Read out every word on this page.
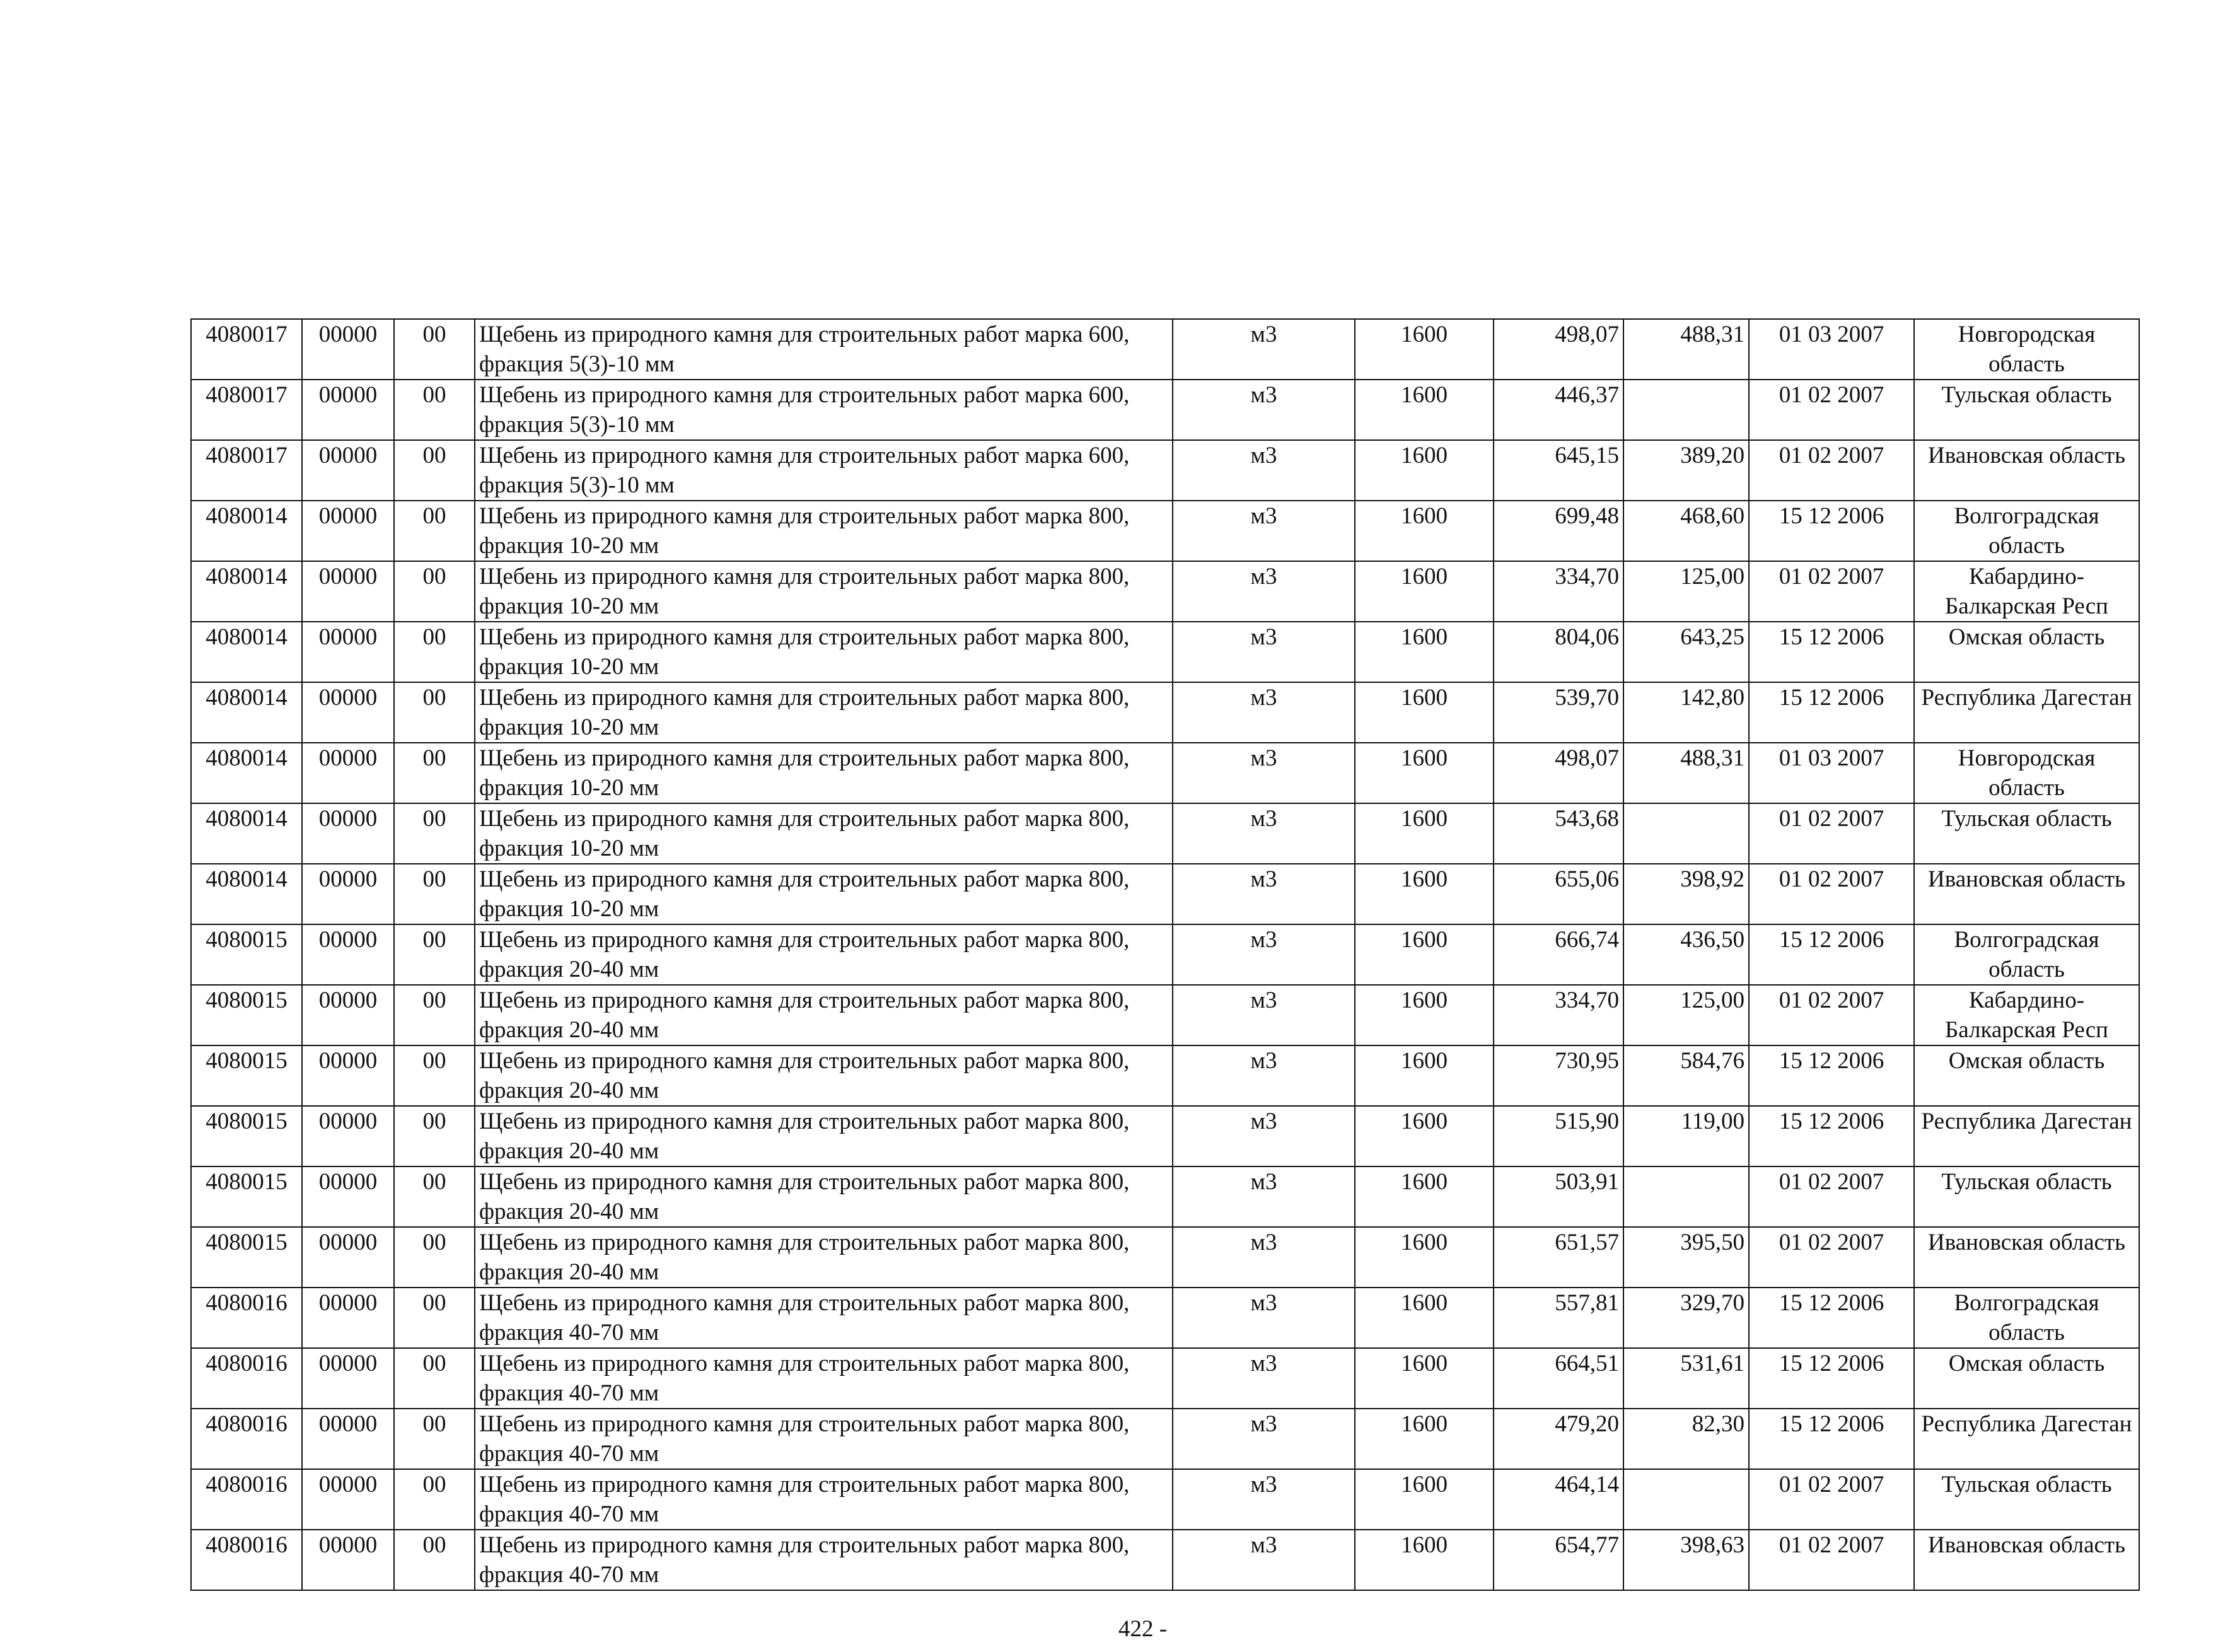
4080017	00000	00	Щебень из природного камня для строительных работ марка 600, фракция 5(3)-10 мм	м3	1600	498,07	488,31	01 03 2007	Новгородская область
4080017	00000	00	Щебень из природного камня для строительных работ марка 600, фракция 5(3)-10 мм	м3	1600	446,37		01 02 2007	Тульская область
4080017	00000	00	Щебень из природного камня для строительных работ марка 600, фракция 5(3)-10 мм	м3	1600	645,15	389,20	01 02 2007	Ивановская область
4080014	00000	00	Щебень из природного камня для строительных работ марка 800, фракция 10-20 мм	м3	1600	699,48	468,60	15 12 2006	Волгоградская область
4080014	00000	00	Щебень из природного камня для строительных работ марка 800, фракция 10-20 мм	м3	1600	334,70	125,00	01 02 2007	Кабардино-Балкарская Респ
4080014	00000	00	Щебень из природного камня для строительных работ марка 800, фракция 10-20 мм	м3	1600	804,06	643,25	15 12 2006	Омская область
4080014	00000	00	Щебень из природного камня для строительных работ марка 800, фракция 10-20 мм	м3	1600	539,70	142,80	15 12 2006	Республика Дагестан
4080014	00000	00	Щебень из природного камня для строительных работ марка 800, фракция 10-20 мм	м3	1600	498,07	488,31	01 03 2007	Новгородская область
4080014	00000	00	Щебень из природного камня для строительных работ марка 800, фракция 10-20 мм	м3	1600	543,68		01 02 2007	Тульская область
4080014	00000	00	Щебень из природного камня для строительных работ марка 800, фракция 10-20 мм	м3	1600	655,06	398,92	01 02 2007	Ивановская область
4080015	00000	00	Щебень из природного камня для строительных работ марка 800, фракция 20-40 мм	м3	1600	666,74	436,50	15 12 2006	Волгоградская область
4080015	00000	00	Щебень из природного камня для строительных работ марка 800, фракция 20-40 мм	м3	1600	334,70	125,00	01 02 2007	Кабардино-Балкарская Респ
4080015	00000	00	Щебень из природного камня для строительных работ марка 800, фракция 20-40 мм	м3	1600	730,95	584,76	15 12 2006	Омская область
4080015	00000	00	Щебень из природного камня для строительных работ марка 800, фракция 20-40 мм	м3	1600	515,90	119,00	15 12 2006	Республика Дагестан
4080015	00000	00	Щебень из природного камня для строительных работ марка 800, фракция 20-40 мм	м3	1600	503,91		01 02 2007	Тульская область
4080015	00000	00	Щебень из природного камня для строительных работ марка 800, фракция 20-40 мм	м3	1600	651,57	395,50	01 02 2007	Ивановская область
4080016	00000	00	Щебень из природного камня для строительных работ марка 800, фракция 40-70 мм	м3	1600	557,81	329,70	15 12 2006	Волгоградская область
4080016	00000	00	Щебень из природного камня для строительных работ марка 800, фракция 40-70 мм	м3	1600	664,51	531,61	15 12 2006	Омская область
4080016	00000	00	Щебень из природного камня для строительных работ марка 800, фракция 40-70 мм	м3	1600	479,20	82,30	15 12 2006	Республика Дагестан
4080016	00000	00	Щебень из природного камня для строительных работ марка 800, фракция 40-70 мм	м3	1600	464,14		01 02 2007	Тульская область
4080016	00000	00	Щебень из природного камня для строительных работ марка 800, фракция 40-70 мм	м3	1600	654,77	398,63	01 02 2007	Ивановская область
422 -
